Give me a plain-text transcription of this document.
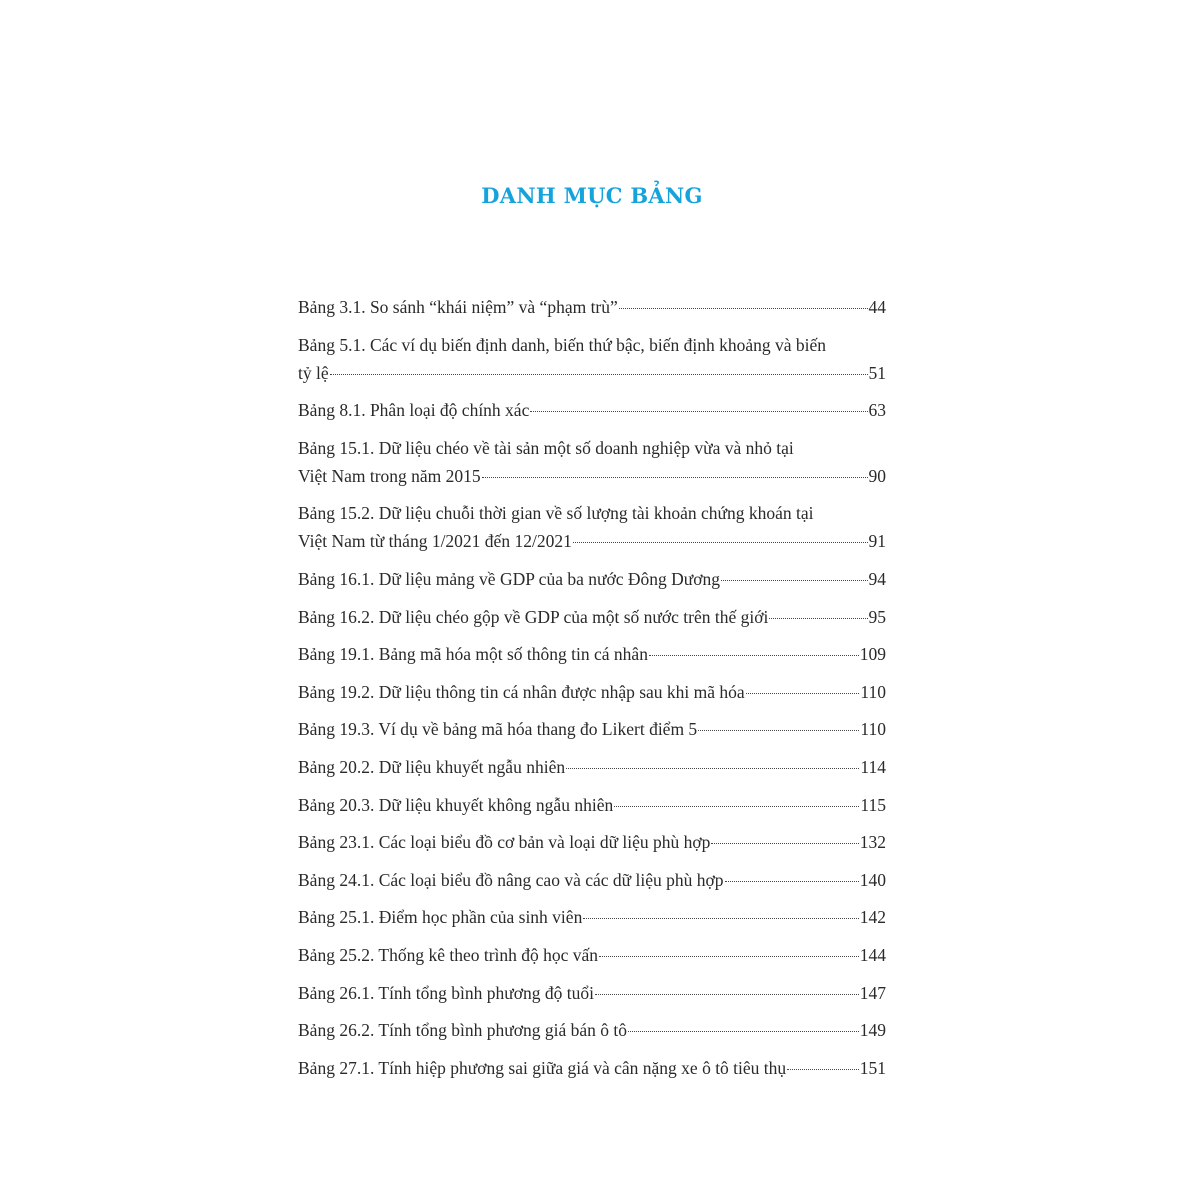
DANH MỤC BẢNG
Bảng 3.1. So sánh “khái niệm” và “phạm trù”	44
Bảng 5.1. Các ví dụ biến định danh, biến thứ bậc, biến định khoảng và biến
tỷ lệ	51
Bảng 8.1. Phân loại độ chính xác	63
Bảng 15.1. Dữ liệu chéo về tài sản một số doanh nghiệp vừa và nhỏ tại
Việt Nam trong năm 2015	90
Bảng 15.2. Dữ liệu chuỗi thời gian về số lượng tài khoản chứng khoán tại
Việt Nam từ tháng 1/2021 đến 12/2021	91
Bảng 16.1. Dữ liệu mảng về GDP của ba nước Đông Dương	94
Bảng 16.2. Dữ liệu chéo gộp về GDP của một số nước trên thế giới	95
Bảng 19.1. Bảng mã hóa một số thông tin cá nhân	109
Bảng 19.2. Dữ liệu thông tin cá nhân được nhập sau khi mã hóa	110
Bảng 19.3. Ví dụ về bảng mã hóa thang đo Likert điểm 5	110
Bảng 20.2. Dữ liệu khuyết ngẫu nhiên	114
Bảng 20.3. Dữ liệu khuyết không ngẫu nhiên	115
Bảng 23.1. Các loại biểu đồ cơ bản và loại dữ liệu phù hợp	132
Bảng 24.1. Các loại biểu đồ nâng cao và các dữ liệu phù hợp	140
Bảng 25.1. Điểm học phần của sinh viên	142
Bảng 25.2. Thống kê theo trình độ học vấn	144
Bảng 26.1. Tính tổng bình phương độ tuổi	147
Bảng 26.2. Tính tổng bình phương giá bán ô tô	149
Bảng 27.1. Tính hiệp phương sai giữa giá và cân nặng xe ô tô tiêu thụ	151
